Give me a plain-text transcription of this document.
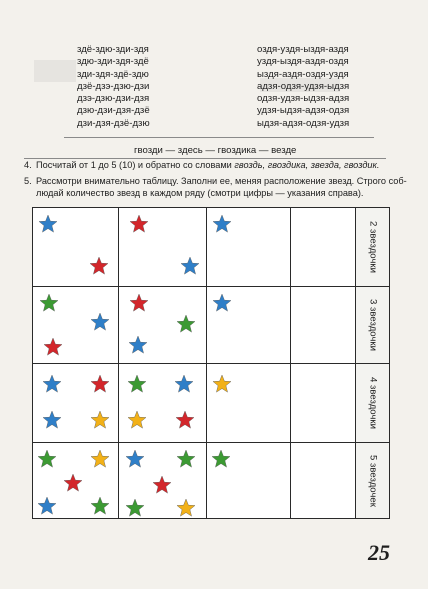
здё-здю-зди-здя
здю-зди-здя-здё
зди-здя-здё-здю
дзё-дзэ-дзю-дзи
дзэ-дзю-дзи-дзя
дзю-дзи-дзя-дзё
дзи-дзя-дзё-дзю
оздя-уздя-ыздя-аздя
уздя-ыздя-аздя-оздя
ыздя-аздя-оздя-уздя
адзя-одзя-удзя-ыдзя
одзя-удзя-ыдзя-адзя
удзя-ыдзя-адзя-одзя
ыдзя-адзя-одзя-удзя
гвозди — здесь — гвоздика — везде
4. Посчитай от 1 до 5 (10) и обратно со словами гвоздь, гвоздика, звезда, гвоздик.
5. Рассмотри внимательно таблицу. Заполни ее, меняя расположение звезд. Строго соб-
людай количество звезд в каждом ряду (смотри цифры — указания справа).
2 звездочки
3 звездочки
4 звездочки
5 звездочек
25
